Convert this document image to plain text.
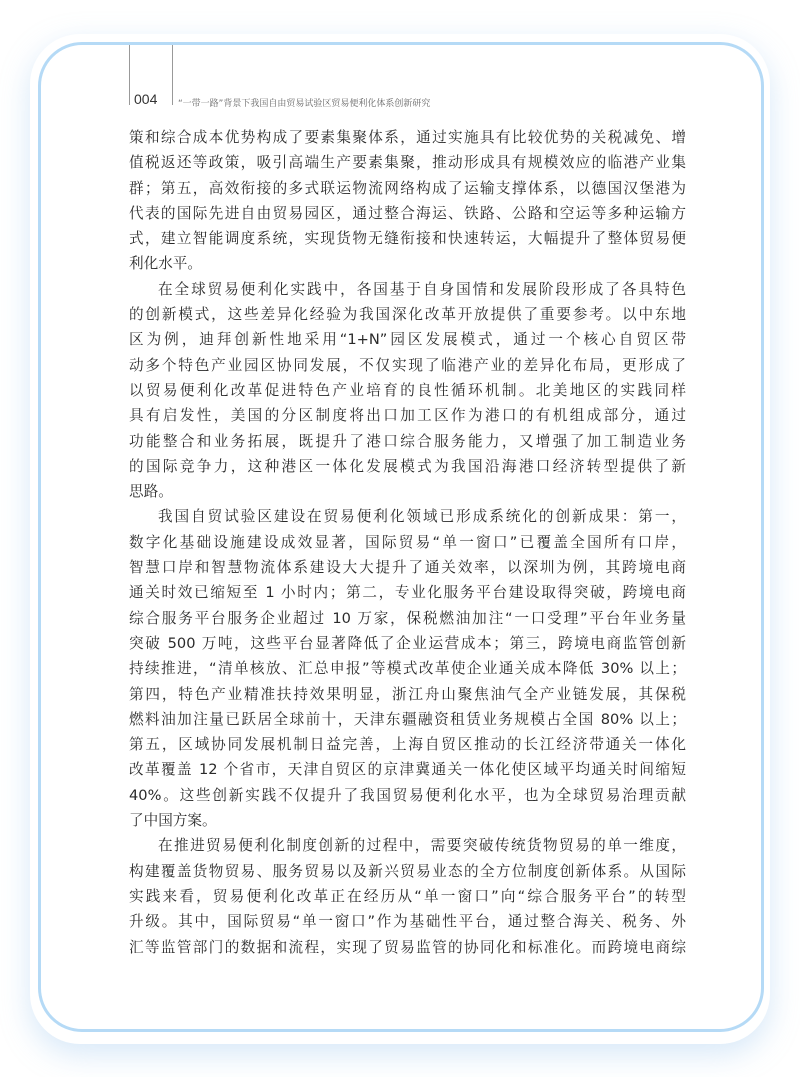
004 “一带一路”背景下我国自由贸易试验区贸易便利化体系创新研究
策和综合成本优势构成了要素集聚体系，通过实施具有比较优势的关税减免、增
值税返还等政策，吸引高端生产要素集聚，推动形成具有规模效应的临港产业集
群；第五，高效衔接的多式联运物流网络构成了运输支撑体系，以德国汉堡港为
代表的国际先进自由贸易园区，通过整合海运、铁路、公路和空运等多种运输方
式，建立智能调度系统，实现货物无缝衔接和快速转运，大幅提升了整体贸易便
利化水平。
在全球贸易便利化实践中，各国基于自身国情和发展阶段形成了各具特色
的创新模式，这些差异化经验为我国深化改革开放提供了重要参考。以中东地
区为例，迪拜创新性地采用“1+N”园区发展模式，通过一个核心自贸区带
动多个特色产业园区协同发展，不仅实现了临港产业的差异化布局，更形成了
以贸易便利化改革促进特色产业培育的良性循环机制。北美地区的实践同样
具有启发性，美国的分区制度将出口加工区作为港口的有机组成部分，通过
功能整合和业务拓展，既提升了港口综合服务能力，又增强了加工制造业务
的国际竞争力，这种港区一体化发展模式为我国沿海港口经济转型提供了新
思路。
我国自贸试验区建设在贸易便利化领域已形成系统化的创新成果：第一，
数字化基础设施建设成效显著，国际贸易“单一窗口”已覆盖全国所有口岸，
智慧口岸和智慧物流体系建设大大提升了通关效率，以深圳为例，其跨境电商
通关时效已缩短至 1 小时内；第二，专业化服务平台建设取得突破，跨境电商
综合服务平台服务企业超过 10 万家，保税燃油加注“一口受理”平台年业务量
突破 500 万吨，这些平台显著降低了企业运营成本；第三，跨境电商监管创新
持续推进，“清单核放、汇总申报”等模式改革使企业通关成本降低 30% 以上；
第四，特色产业精准扶持效果明显，浙江舟山聚焦油气全产业链发展，其保税
燃料油加注量已跃居全球前十，天津东疆融资租赁业务规模占全国 80% 以上；
第五，区域协同发展机制日益完善，上海自贸区推动的长江经济带通关一体化
改革覆盖 12 个省市，天津自贸区的京津冀通关一体化使区域平均通关时间缩短
40%。这些创新实践不仅提升了我国贸易便利化水平，也为全球贸易治理贡献
了中国方案。
在推进贸易便利化制度创新的过程中，需要突破传统货物贸易的单一维度，
构建覆盖货物贸易、服务贸易以及新兴贸易业态的全方位制度创新体系。从国际
实践来看，贸易便利化改革正在经历从“单一窗口”向“综合服务平台”的转型
升级。其中，国际贸易“单一窗口”作为基础性平台，通过整合海关、税务、外
汇等监管部门的数据和流程，实现了贸易监管的协同化和标准化。而跨境电商综
